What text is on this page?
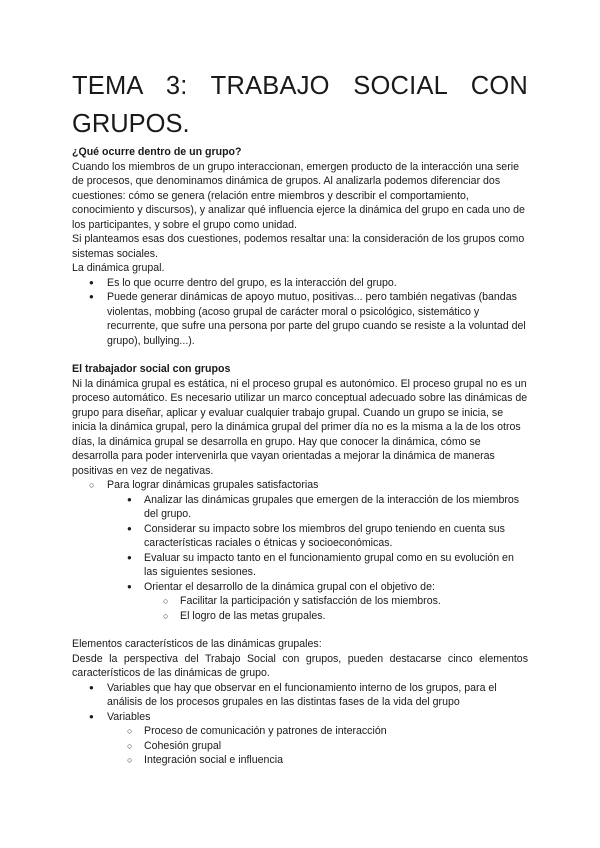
TEMA 3: TRABAJO SOCIAL CON
GRUPOS.
¿Qué ocurre dentro de un grupo?

Cuando los miembros de un grupo interaccionan, emergen producto de la interacción una serie de procesos, que denominamos dinámica de grupos. Al analizarla podemos diferenciar dos cuestiones: cómo se genera (relación entre miembros y describir el comportamiento, conocimiento y discursos), y analizar qué influencia ejerce la dinámica del grupo en cada uno de los participantes, y sobre el grupo como unidad.

Si planteamos esas dos cuestiones, podemos resaltar una: la consideración de los grupos como sistemas sociales.

La dinámica grupal.

● Es lo que ocurre dentro del grupo, es la interacción del grupo.
● Puede generar dinámicas de apoyo mutuo, positivas... pero también negativas (bandas violentas, mobbing (acoso grupal de carácter moral o psicológico, sistemático y recurrente, que sufre una persona por parte del grupo cuando se resiste a la voluntad del grupo), bullying...).
El trabajador social con grupos

Ni la dinámica grupal es estática, ni el proceso grupal es autonómico. El proceso grupal no es un proceso automático. Es necesario utilizar un marco conceptual adecuado sobre las dinámicas de grupo para diseñar, aplicar y evaluar cualquier trabajo grupal. Cuando un grupo se inicia, se inicia la dinámica grupal, pero la dinámica grupal del primer día no es la misma a la de los otros días, la dinámica grupal se desarrolla en grupo. Hay que conocer la dinámica, cómo se desarrolla para poder intervenirla que vayan orientadas a mejorar la dinámica de maneras positivas en vez de negativas.

○ Para lograr dinámicas grupales satisfactorias
● Analizar las dinámicas grupales que emergen de la interacción de los miembros del grupo.
● Considerar su impacto sobre los miembros del grupo teniendo en cuenta sus características raciales o étnicas y socioeconómicas.
● Evaluar su impacto tanto en el funcionamiento grupal como en su evolución en las siguientes sesiones.
● Orientar el desarrollo de la dinámica grupal con el objetivo de:
○ Facilitar la participación y satisfacción de los miembros.
○ El logro de las metas grupales.

Elementos característicos de las dinámicas grupales:

Desde la perspectiva del Trabajo Social con grupos, pueden destacarse cinco elementos característicos de las dinámicas de grupo.

● Variables que hay que observar en el funcionamiento interno de los grupos, para el análisis de los procesos grupales en las distintas fases de la vida del grupo
● Variables
○ Proceso de comunicación y patrones de interacción
○ Cohesión grupal
○ Integración social e influencia
